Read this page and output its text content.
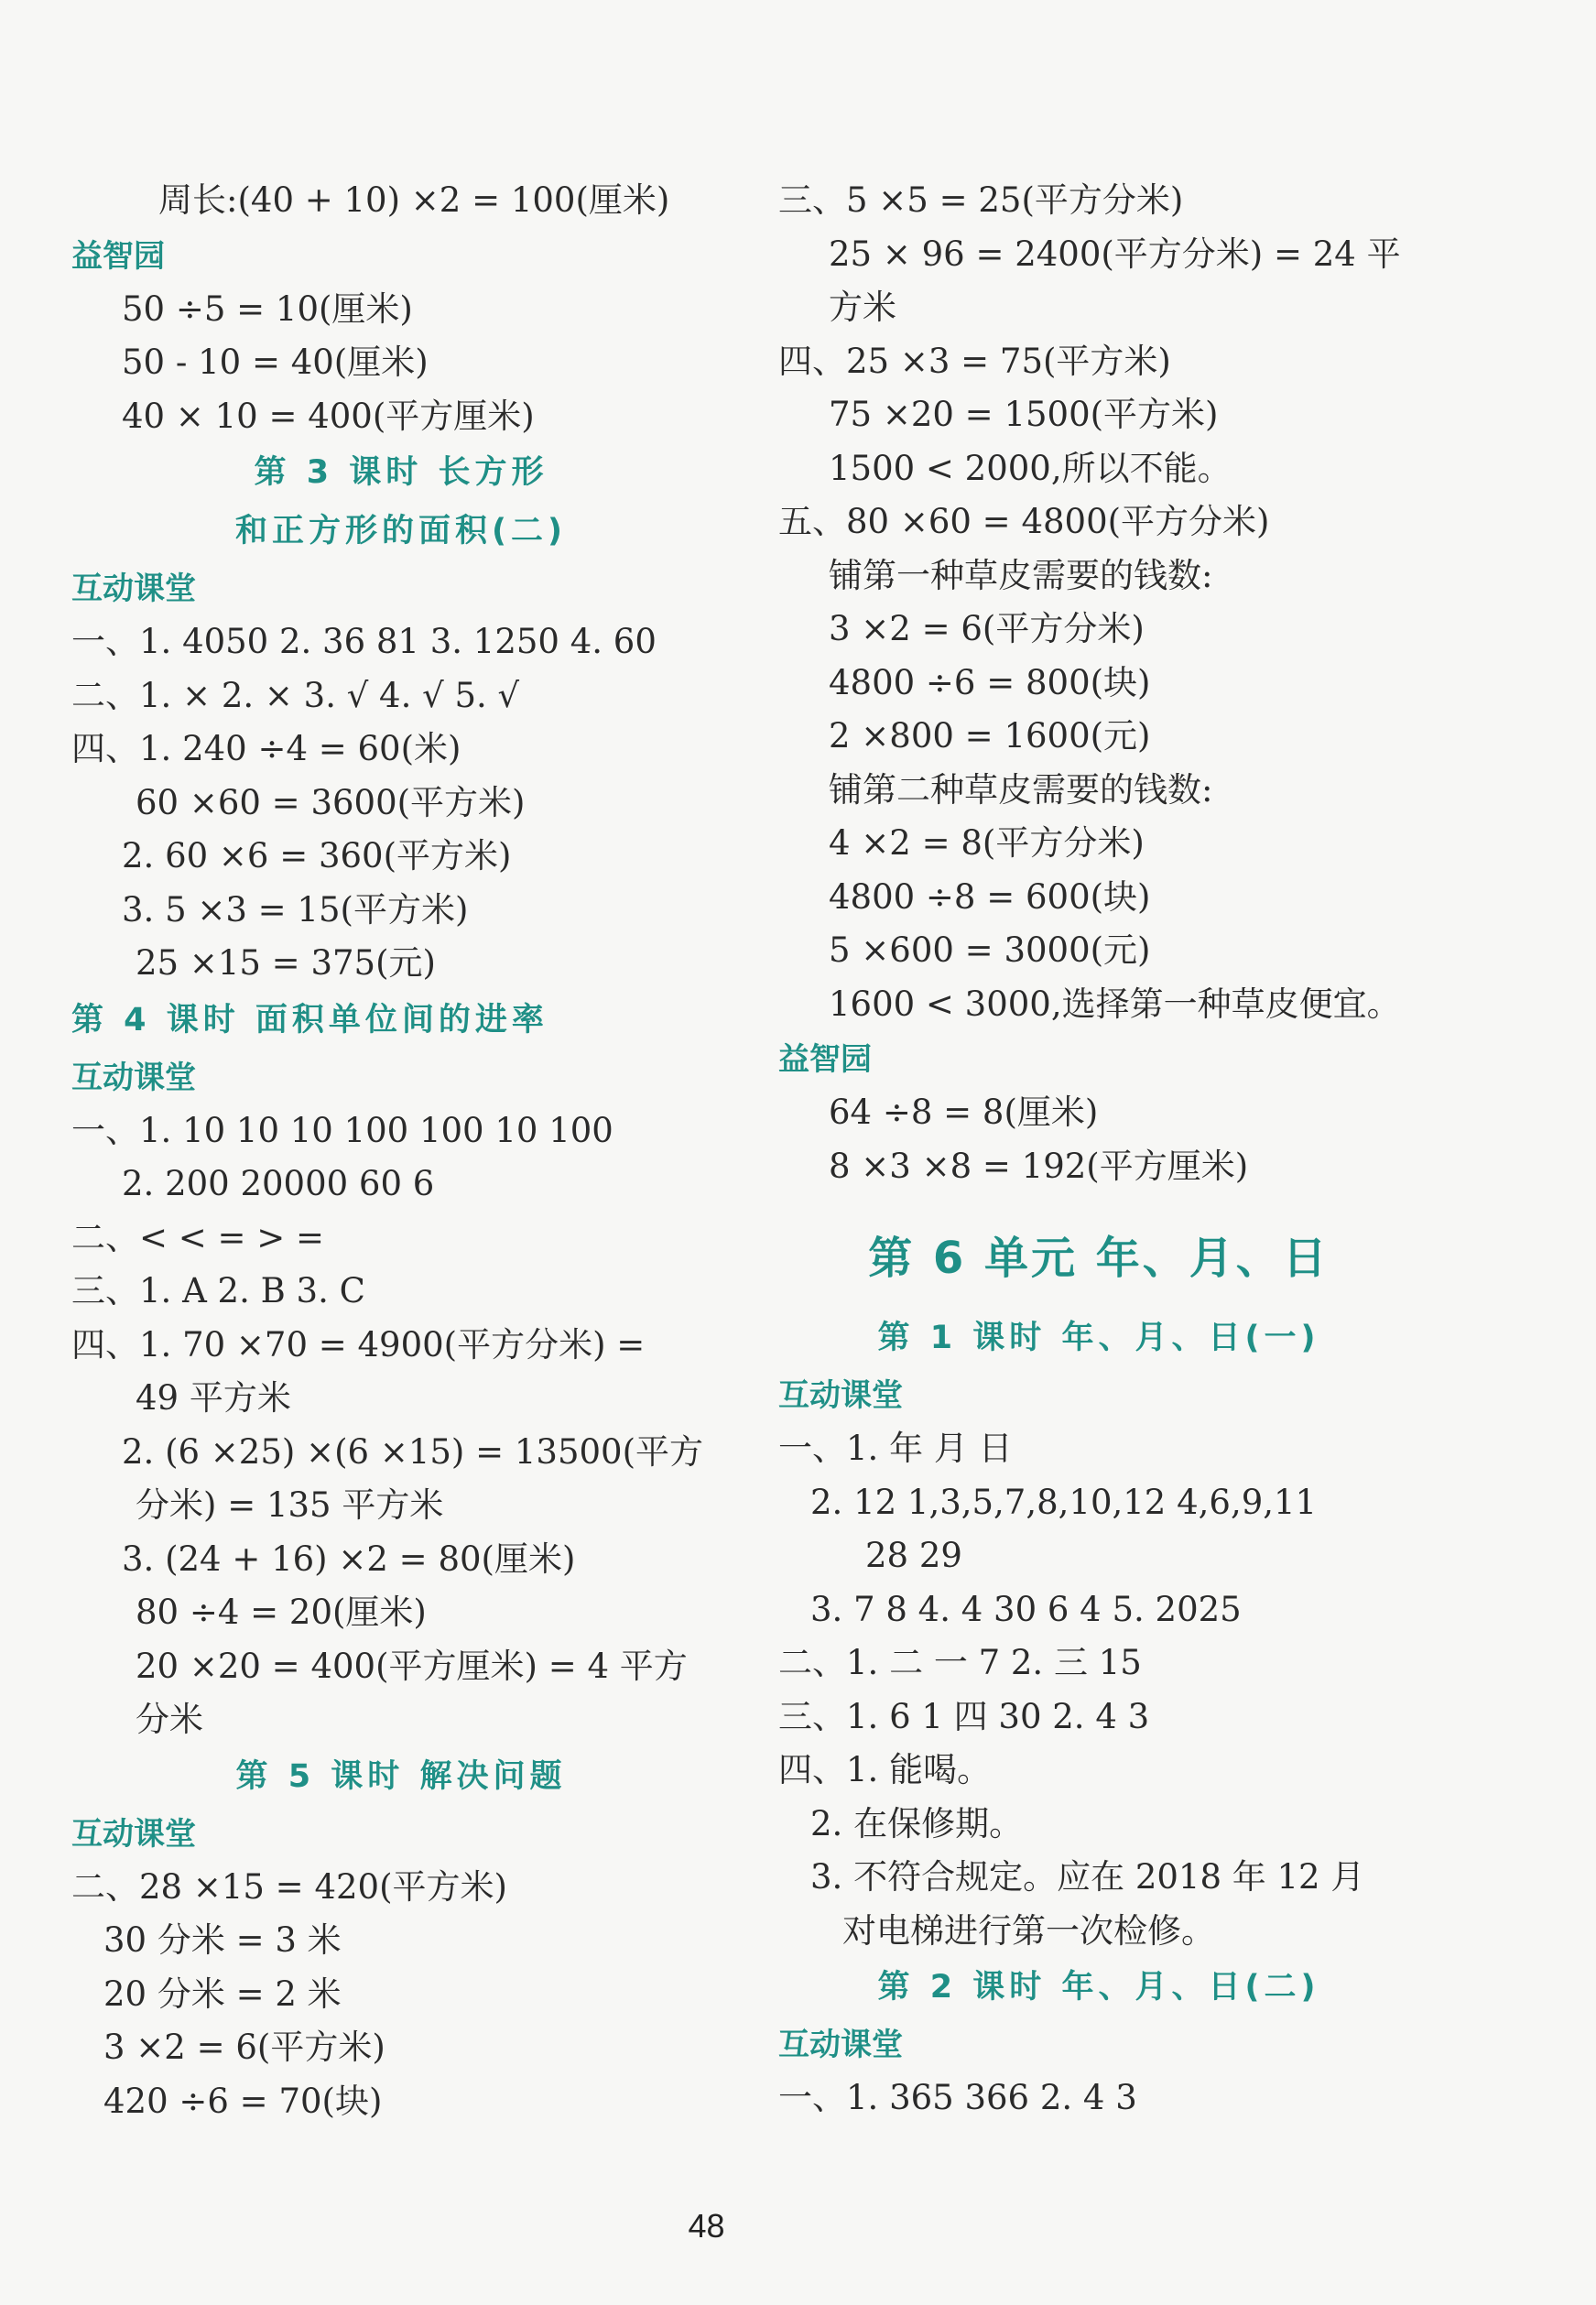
周长:(40 + 10) ×2 = 100(厘米)
益智园
50 ÷5 = 10(厘米)
50 - 10 = 40(厘米)
40 × 10 = 400(平方厘米)
第 3 课时 长方形
和正方形的面积(二)
互动课堂
一、1. 4050 2. 36 81 3. 1250 4. 60
二、1. × 2. × 3. √ 4. √ 5. √
四、1. 240 ÷4 = 60(米)
60 ×60 = 3600(平方米)
2. 60 ×6 = 360(平方米)
3. 5 ×3 = 15(平方米)
25 ×15 = 375(元)
第 4 课时 面积单位间的进率
互动课堂
一、1. 10 10 10 100 100 10 100
2. 200 20000 60 6
二、< < = > =
三、1. A 2. B 3. C
四、1. 70 ×70 = 4900(平方分米) =
49 平方米
2. (6 ×25) ×(6 ×15) = 13500(平方
分米) = 135 平方米
3. (24 + 16) ×2 = 80(厘米)
80 ÷4 = 20(厘米)
20 ×20 = 400(平方厘米) = 4 平方
分米
第 5 课时 解决问题
互动课堂
二、28 ×15 = 420(平方米)
30 分米 = 3 米
20 分米 = 2 米
3 ×2 = 6(平方米)
420 ÷6 = 70(块)
三、5 ×5 = 25(平方分米)
25 × 96 = 2400(平方分米) = 24 平
方米
四、25 ×3 = 75(平方米)
75 ×20 = 1500(平方米)
1500 < 2000,所以不能。
五、80 ×60 = 4800(平方分米)
铺第一种草皮需要的钱数:
3 ×2 = 6(平方分米)
4800 ÷6 = 800(块)
2 ×800 = 1600(元)
铺第二种草皮需要的钱数:
4 ×2 = 8(平方分米)
4800 ÷8 = 600(块)
5 ×600 = 3000(元)
1600 < 3000,选择第一种草皮便宜。
益智园
64 ÷8 = 8(厘米)
8 ×3 ×8 = 192(平方厘米)
第 6 单元 年、月、日
第 1 课时 年、月、日(一)
互动课堂
一、1. 年 月 日
2. 12 1,3,5,7,8,10,12 4,6,9,11
28 29
3. 7 8 4. 4 30 6 4 5. 2025
二、1. 二 一 7 2. 三 15
三、1. 6 1 四 30 2. 4 3
四、1. 能喝。
2. 在保修期。
3. 不符合规定。应在 2018 年 12 月
对电梯进行第一次检修。
第 2 课时 年、月、日(二)
互动课堂
一、1. 365 366 2. 4 3
48
